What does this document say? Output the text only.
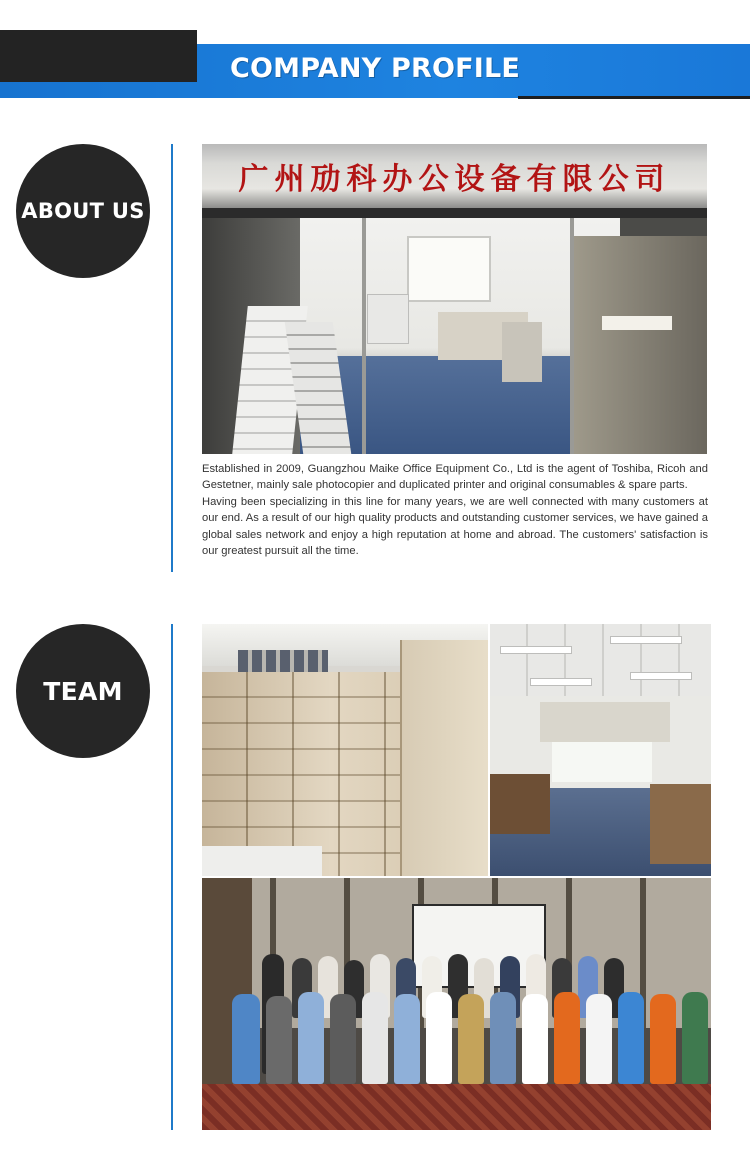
COMPANY PROFILE
ABOUT US
广州劢科办公设备有限公司

Established in 2009, Guangzhou Maike Office Equipment Co., Ltd is the agent of Toshiba, Ricoh and Gestetner, mainly sale photocopier and duplicated printer and original consumables & spare parts.

Having been specializing in this line for many years, we are well connected with many customers at our end. As a result of our high quality products and outstanding customer services, we have gained a global sales network and enjoy a high reputation at home and abroad. The customers' satisfaction is our greatest pursuit all the time.

TEAM
